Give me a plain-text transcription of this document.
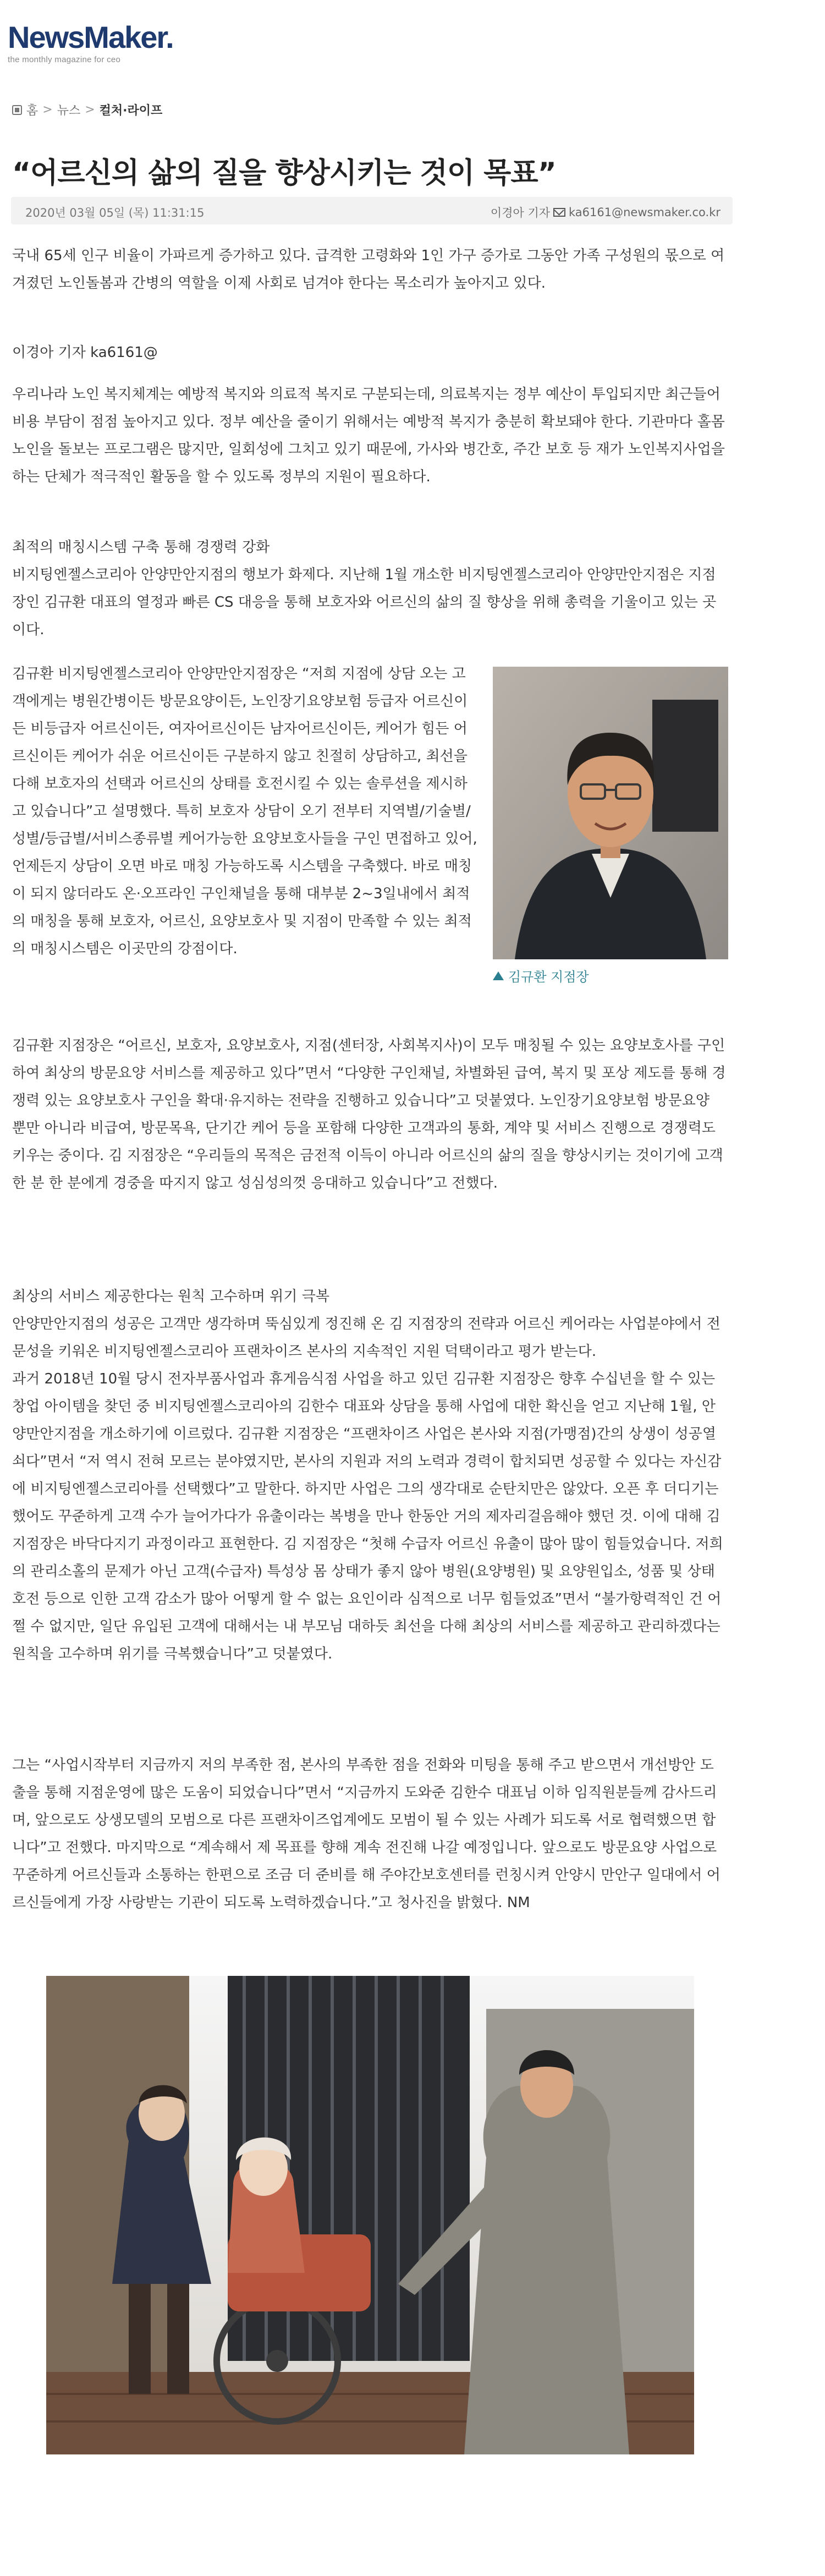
NewsMaker.
the monthly magazine for ceo
홈 > 뉴스 > 컬처·라이프
“어르신의 삶의 질을 향상시키는 것이 목표”
2020년 03월 05일 (목) 11:31:15	이경아 기자 ka6161@newsmaker.co.kr

국내 65세 인구 비율이 가파르게 증가하고 있다. 급격한 고령화와 1인 가구 증가로 그동안 가족 구성원의 몫으로 여겨졌던 노인돌봄과 간병의 역할을 이제 사회로 넘겨야 한다는 목소리가 높아지고 있다.

이경아 기자 ka6161@

우리나라 노인 복지체계는 예방적 복지와 의료적 복지로 구분되는데, 의료복지는 정부 예산이 투입되지만 최근들어 비용 부담이 점점 높아지고 있다. 정부 예산을 줄이기 위해서는 예방적 복지가 충분히 확보돼야 한다. 기관마다 홀몸노인을 돌보는 프로그램은 많지만, 일회성에 그치고 있기 때문에, 가사와 병간호, 주간 보호 등 재가 노인복지사업을 하는 단체가 적극적인 활동을 할 수 있도록 정부의 지원이 필요하다.

최적의 매칭시스템 구축 통해 경쟁력 강화

비지팅엔젤스코리아 안양만안지점의 행보가 화제다. 지난해 1월 개소한 비지팅엔젤스코리아 안양만안지점은 지점장인 김규환 대표의 열정과 빠른 CS 대응을 통해 보호자와 어르신의 삶의 질 향상을 위해 총력을 기울이고 있는 곳이다.

김규환 비지팅엔젤스코리아 안양만안지점장은 “저희 지점에 상담 오는 고객에게는 병원간병이든 방문요양이든, 노인장기요양보험 등급자 어르신이든 비등급자 어르신이든, 여자어르신이든 남자어르신이든, 케어가 힘든 어르신이든 케어가 쉬운 어르신이든 구분하지 않고 친절히 상담하고, 최선을 다해 보호자의 선택과 어르신의 상태를 호전시킬 수 있는 솔루션을 제시하고 있습니다”고 설명했다. 특히 보호자 상담이 오기 전부터 지역별/기술별/성별/등급별/서비스종류별 케어가능한 요양보호사들을 구인 면접하고 있어, 언제든지 상담이 오면 바로 매칭 가능하도록 시스템을 구축했다. 바로 매칭이 되지 않더라도 온·오프라인 구인채널을 통해 대부분 2~3일내에서 최적의 매칭을 통해 보호자, 어르신, 요양보호사 및 지점이 만족할 수 있는 최적의 매칭시스템은 이곳만의 강점이다.

김규환 지점장

김규환 지점장은 “어르신, 보호자, 요양보호사, 지점(센터장, 사회복지사)이 모두 매칭될 수 있는 요양보호사를 구인하여 최상의 방문요양 서비스를 제공하고 있다”면서 “다양한 구인채널, 차별화된 급여, 복지 및 포상 제도를 통해 경쟁력 있는 요양보호사 구인을 확대·유지하는 전략을 진행하고 있습니다”고 덧붙였다. 노인장기요양보험 방문요양 뿐만 아니라 비급여, 방문목욕, 단기간 케어 등을 포함해 다양한 고객과의 통화, 계약 및 서비스 진행으로 경쟁력도 키우는 중이다. 김 지점장은 “우리들의 목적은 금전적 이득이 아니라 어르신의 삶의 질을 향상시키는 것이기에 고객 한 분 한 분에게 경중을 따지지 않고 성심성의껏 응대하고 있습니다”고 전했다.

최상의 서비스 제공한다는 원칙 고수하며 위기 극복

안양만안지점의 성공은 고객만 생각하며 뚝심있게 정진해 온 김 지점장의 전략과 어르신 케어라는 사업분야에서 전문성을 키워온 비지팅엔젤스코리아 프랜차이즈 본사의 지속적인 지원 덕택이라고 평가 받는다.

과거 2018년 10월 당시 전자부품사업과 휴게음식점 사업을 하고 있던 김규환 지점장은 향후 수십년을 할 수 있는 창업 아이템을 찾던 중 비지팅엔젤스코리아의 김한수 대표와 상담을 통해 사업에 대한 확신을 얻고 지난해 1월, 안양만안지점을 개소하기에 이르렀다. 김규환 지점장은 “프랜차이즈 사업은 본사와 지점(가맹점)간의 상생이 성공열쇠다”면서 “저 역시 전혀 모르는 분야였지만, 본사의 지원과 저의 노력과 경력이 합치되면 성공할 수 있다는 자신감에 비지팅엔젤스코리아를 선택했다”고 말한다. 하지만 사업은 그의 생각대로 순탄치만은 않았다. 오픈 후 더디기는 했어도 꾸준하게 고객 수가 늘어가다가 유출이라는 복병을 만나 한동안 거의 제자리걸음해야 했던 것. 이에 대해 김 지점장은 바닥다지기 과정이라고 표현한다. 김 지점장은 “첫해 수급자 어르신 유출이 많아 많이 힘들었습니다. 저희의 관리소홀의 문제가 아닌 고객(수급자) 특성상 몸 상태가 좋지 않아 병원(요양병원) 및 요양원입소, 성품 및 상태호전 등으로 인한 고객 감소가 많아 어떻게 할 수 없는 요인이라 심적으로 너무 힘들었죠”면서 “불가항력적인 건 어쩔 수 없지만, 일단 유입된 고객에 대해서는 내 부모님 대하듯 최선을 다해 최상의 서비스를 제공하고 관리하겠다는 원칙을 고수하며 위기를 극복했습니다”고 덧붙였다.

그는 “사업시작부터 지금까지 저의 부족한 점, 본사의 부족한 점을 전화와 미팅을 통해 주고 받으면서 개선방안 도출을 통해 지점운영에 많은 도움이 되었습니다”면서 “지금까지 도와준 김한수 대표님 이하 임직원분들께 감사드리며, 앞으로도 상생모델의 모범으로 다른 프랜차이즈업계에도 모범이 될 수 있는 사례가 되도록 서로 협력했으면 합니다”고 전했다. 마지막으로 “계속해서 제 목표를 향해 계속 전진해 나갈 예정입니다. 앞으로도 방문요양 사업으로 꾸준하게 어르신들과 소통하는 한편으로 조금 더 준비를 해 주야간보호센터를 런칭시켜 안양시 만안구 일대에서 어르신들에게 가장 사랑받는 기관이 되도록 노력하겠습니다.”고 청사진을 밝혔다. NM
